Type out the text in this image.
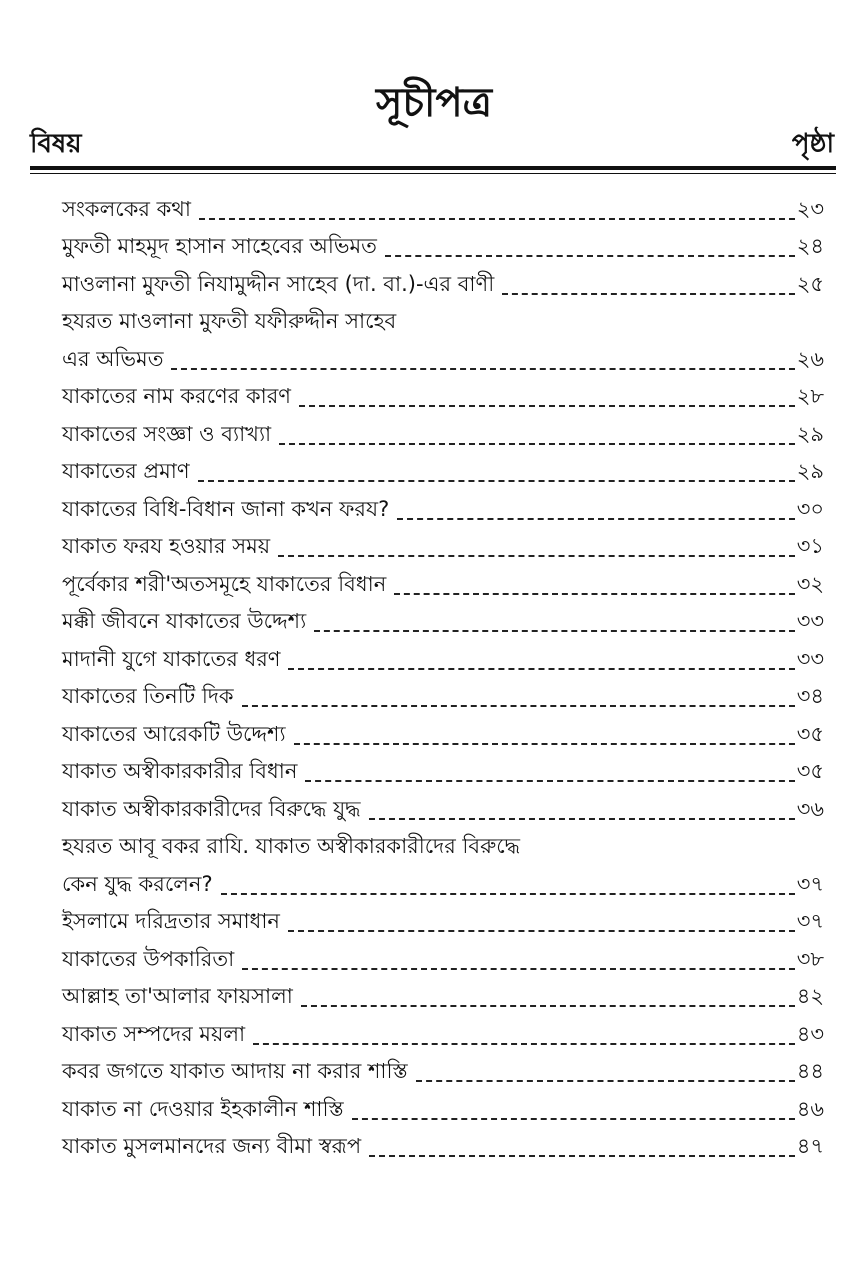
সূচীপত্র
বিষয়	পৃষ্ঠা
সংকলকের কথা	২৩
মুফতী মাহমূদ হাসান সাহেবের অভিমত	২৪
মাওলানা মুফতী নিযামুদ্দীন সাহেব (দা. বা.)-এর বাণী	২৫
হযরত মাওলানা মুফতী যফীরুদ্দীন সাহেব
এর অভিমত	২৬
যাকাতের নাম করণের কারণ	২৮
যাকাতের সংজ্ঞা ও ব্যাখ্যা	২৯
যাকাতের প্রমাণ	২৯
যাকাতের বিধি-বিধান জানা কখন ফরয?	৩০
যাকাত ফরয হওয়ার সময়	৩১
পূর্বেকার শরী'অতসমূহে যাকাতের বিধান	৩২
মক্কী জীবনে যাকাতের উদ্দেশ্য	৩৩
মাদানী যুগে যাকাতের ধরণ	৩৩
যাকাতের তিনটি দিক	৩৪
যাকাতের আরেকটি উদ্দেশ্য	৩৫
যাকাত অস্বীকারকারীর বিধান	৩৫
যাকাত অস্বীকারকারীদের বিরুদ্ধে যুদ্ধ	৩৬
হযরত আবূ বকর রাযি. যাকাত অস্বীকারকারীদের বিরুদ্ধে
কেন যুদ্ধ করলেন?	৩৭
ইসলামে দরিদ্রতার সমাধান	৩৭
যাকাতের উপকারিতা	৩৮
আল্লাহ তা'আলার ফায়সালা	৪২
যাকাত সম্পদের ময়লা	৪৩
কবর জগতে যাকাত আদায় না করার শাস্তি	৪৪
যাকাত না দেওয়ার ইহকালীন শাস্তি	৪৬
যাকাত মুসলমানদের জন্য বীমা স্বরূপ	৪৭
